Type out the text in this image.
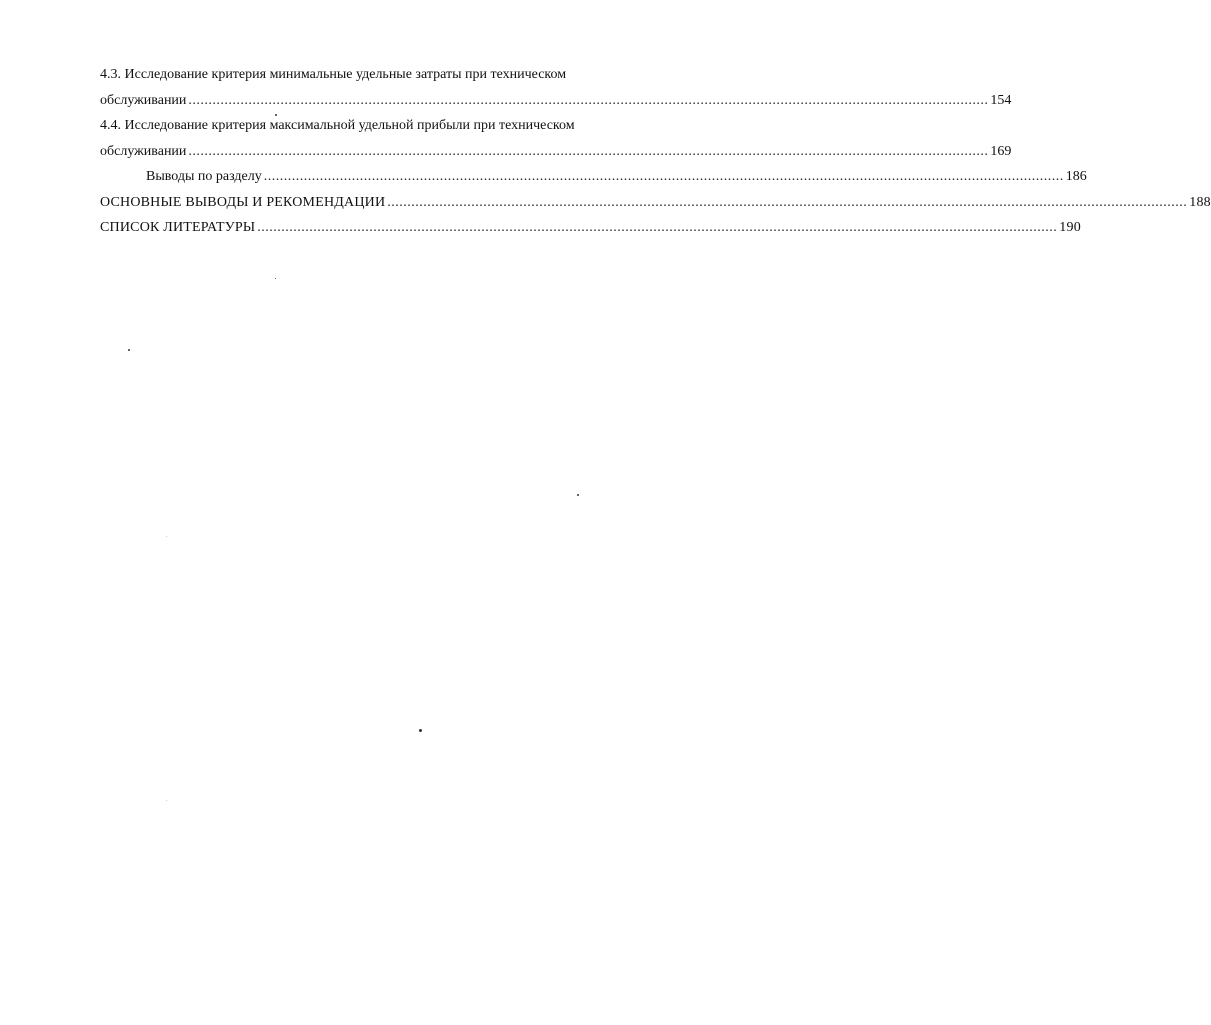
4.3. Исследование критерия минимальные удельные затраты при техническом
обслуживании ........................................................................................................................................................................................................ 154
4.4. Исследование критерия максимальной удельной прибыли при техническом
обслуживании ........................................................................................................................................................................................................ 169
Выводы по разделу ........................................................................................................................................................................................................ 186
ОСНОВНЫЕ ВЫВОДЫ И РЕКОМЕНДАЦИИ ........................................................................................................................................................................................................ 188
СПИСОК ЛИТЕРАТУРЫ ........................................................................................................................................................................................................ 190
